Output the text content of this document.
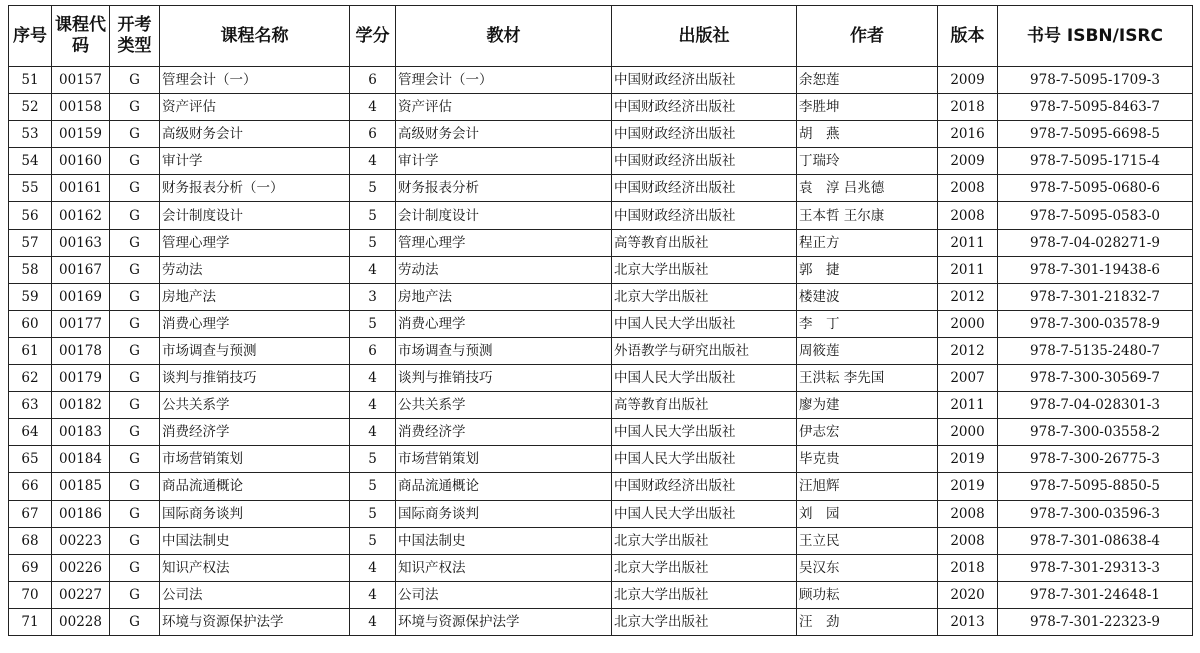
序号	课程代码	开考类型	课程名称	学分	教材	出版社	作者	版本	书号 ISBN/ISRC
51	00157	G	管理会计（一）	6	管理会计（一）	中国财政经济出版社	余恕莲	2009	978-7-5095-1709-3
52	00158	G	资产评估	4	资产评估	中国财政经济出版社	李胜坤	2018	978-7-5095-8463-7
53	00159	G	高级财务会计	6	高级财务会计	中国财政经济出版社	胡　燕	2016	978-7-5095-6698-5
54	00160	G	审计学	4	审计学	中国财政经济出版社	丁瑞玲	2009	978-7-5095-1715-4
55	00161	G	财务报表分析（一）	5	财务报表分析	中国财政经济出版社	袁　淳 吕兆德	2008	978-7-5095-0680-6
56	00162	G	会计制度设计	5	会计制度设计	中国财政经济出版社	王本哲 王尔康	2008	978-7-5095-0583-0
57	00163	G	管理心理学	5	管理心理学	高等教育出版社	程正方	2011	978-7-04-028271-9
58	00167	G	劳动法	4	劳动法	北京大学出版社	郭　捷	2011	978-7-301-19438-6
59	00169	G	房地产法	3	房地产法	北京大学出版社	楼建波	2012	978-7-301-21832-7
60	00177	G	消费心理学	5	消费心理学	中国人民大学出版社	李　丁	2000	978-7-300-03578-9
61	00178	G	市场调查与预测	6	市场调查与预测	外语教学与研究出版社	周筱莲	2012	978-7-5135-2480-7
62	00179	G	谈判与推销技巧	4	谈判与推销技巧	中国人民大学出版社	王洪耘 李先国	2007	978-7-300-30569-7
63	00182	G	公共关系学	4	公共关系学	高等教育出版社	廖为建	2011	978-7-04-028301-3
64	00183	G	消费经济学	4	消费经济学	中国人民大学出版社	伊志宏	2000	978-7-300-03558-2
65	00184	G	市场营销策划	5	市场营销策划	中国人民大学出版社	毕克贵	2019	978-7-300-26775-3
66	00185	G	商品流通概论	5	商品流通概论	中国财政经济出版社	汪旭辉	2019	978-7-5095-8850-5
67	00186	G	国际商务谈判	5	国际商务谈判	中国人民大学出版社	刘　园	2008	978-7-300-03596-3
68	00223	G	中国法制史	5	中国法制史	北京大学出版社	王立民	2008	978-7-301-08638-4
69	00226	G	知识产权法	4	知识产权法	北京大学出版社	吴汉东	2018	978-7-301-29313-3
70	00227	G	公司法	4	公司法	北京大学出版社	顾功耘	2020	978-7-301-24648-1
71	00228	G	环境与资源保护法学	4	环境与资源保护法学	北京大学出版社	汪　劲	2013	978-7-301-22323-9
